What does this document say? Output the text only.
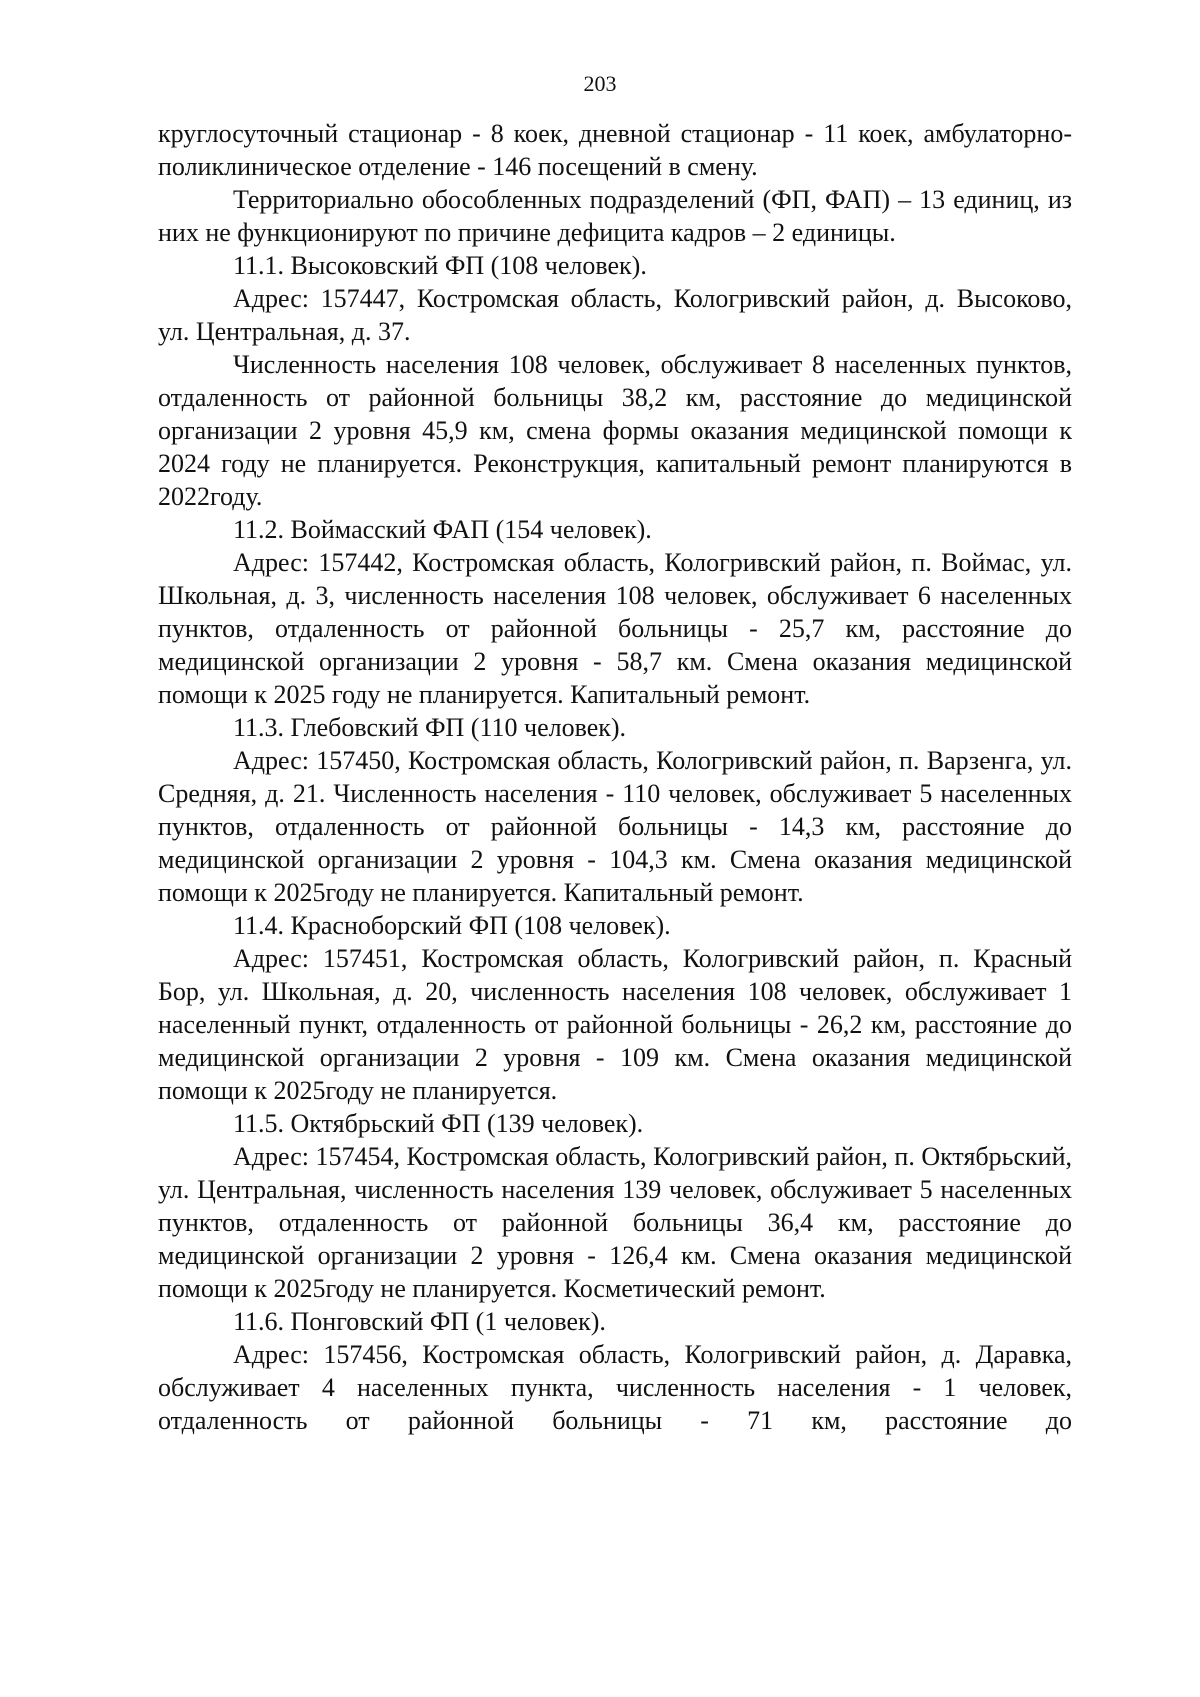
203

круглосуточный стационар - 8 коек, дневной стационар - 11 коек, амбулаторно-поликлиническое отделение - 146 посещений в смену.

Территориально обособленных подразделений (ФП, ФАП) – 13 единиц, из них не функционируют по причине дефицита кадров – 2 единицы.

11.1. Высоковский ФП (108 человек).

Адрес: 157447, Костромская область, Кологривский район, д. Высоково, ул. Центральная, д. 37.

Численность населения 108 человек, обслуживает 8 населенных пунктов, отдаленность от районной больницы 38,2 км, расстояние до медицинской организации 2 уровня 45,9 км, смена формы оказания медицинской помощи к 2024 году не планируется. Реконструкция, капитальный ремонт планируются в 2022году.

11.2. Воймасский ФАП (154 человек).

Адрес: 157442, Костромская область, Кологривский район, п. Воймас, ул. Школьная, д. 3, численность населения 108 человек, обслуживает 6 населенных пунктов, отдаленность от районной больницы - 25,7 км, расстояние до медицинской организации 2 уровня - 58,7 км. Смена оказания медицинской помощи к 2025 году не планируется. Капитальный ремонт.

11.3. Глебовский ФП (110 человек).

Адрес: 157450, Костромская область, Кологривский район, п. Варзенга, ул. Средняя, д. 21. Численность населения - 110 человек, обслуживает 5 населенных пунктов, отдаленность от районной больницы - 14,3 км, расстояние до медицинской организации 2 уровня - 104,3 км. Смена оказания медицинской помощи к 2025году не планируется. Капитальный ремонт.

11.4. Красноборский ФП (108 человек).

Адрес: 157451, Костромская область, Кологривский район, п. Красный Бор, ул. Школьная, д. 20, численность населения 108 человек, обслуживает 1 населенный пункт, отдаленность от районной больницы - 26,2 км, расстояние до медицинской организации 2 уровня - 109 км. Смена оказания медицинской помощи к 2025году не планируется.

11.5. Октябрьский ФП (139 человек).

Адрес: 157454, Костромская область, Кологривский район, п. Октябрьский, ул. Центральная, численность населения 139 человек, обслуживает 5 населенных пунктов, отдаленность от районной больницы 36,4 км, расстояние до медицинской организации 2 уровня - 126,4 км. Смена оказания медицинской помощи к 2025году не планируется. Косметический ремонт.

11.6. Понговский ФП (1 человек).

Адрес: 157456, Костромская область, Кологривский район, д. Даравка, обслуживает 4 населенных пункта, численность населения - 1 человек, отдаленность от районной больницы - 71 км, расстояние до
